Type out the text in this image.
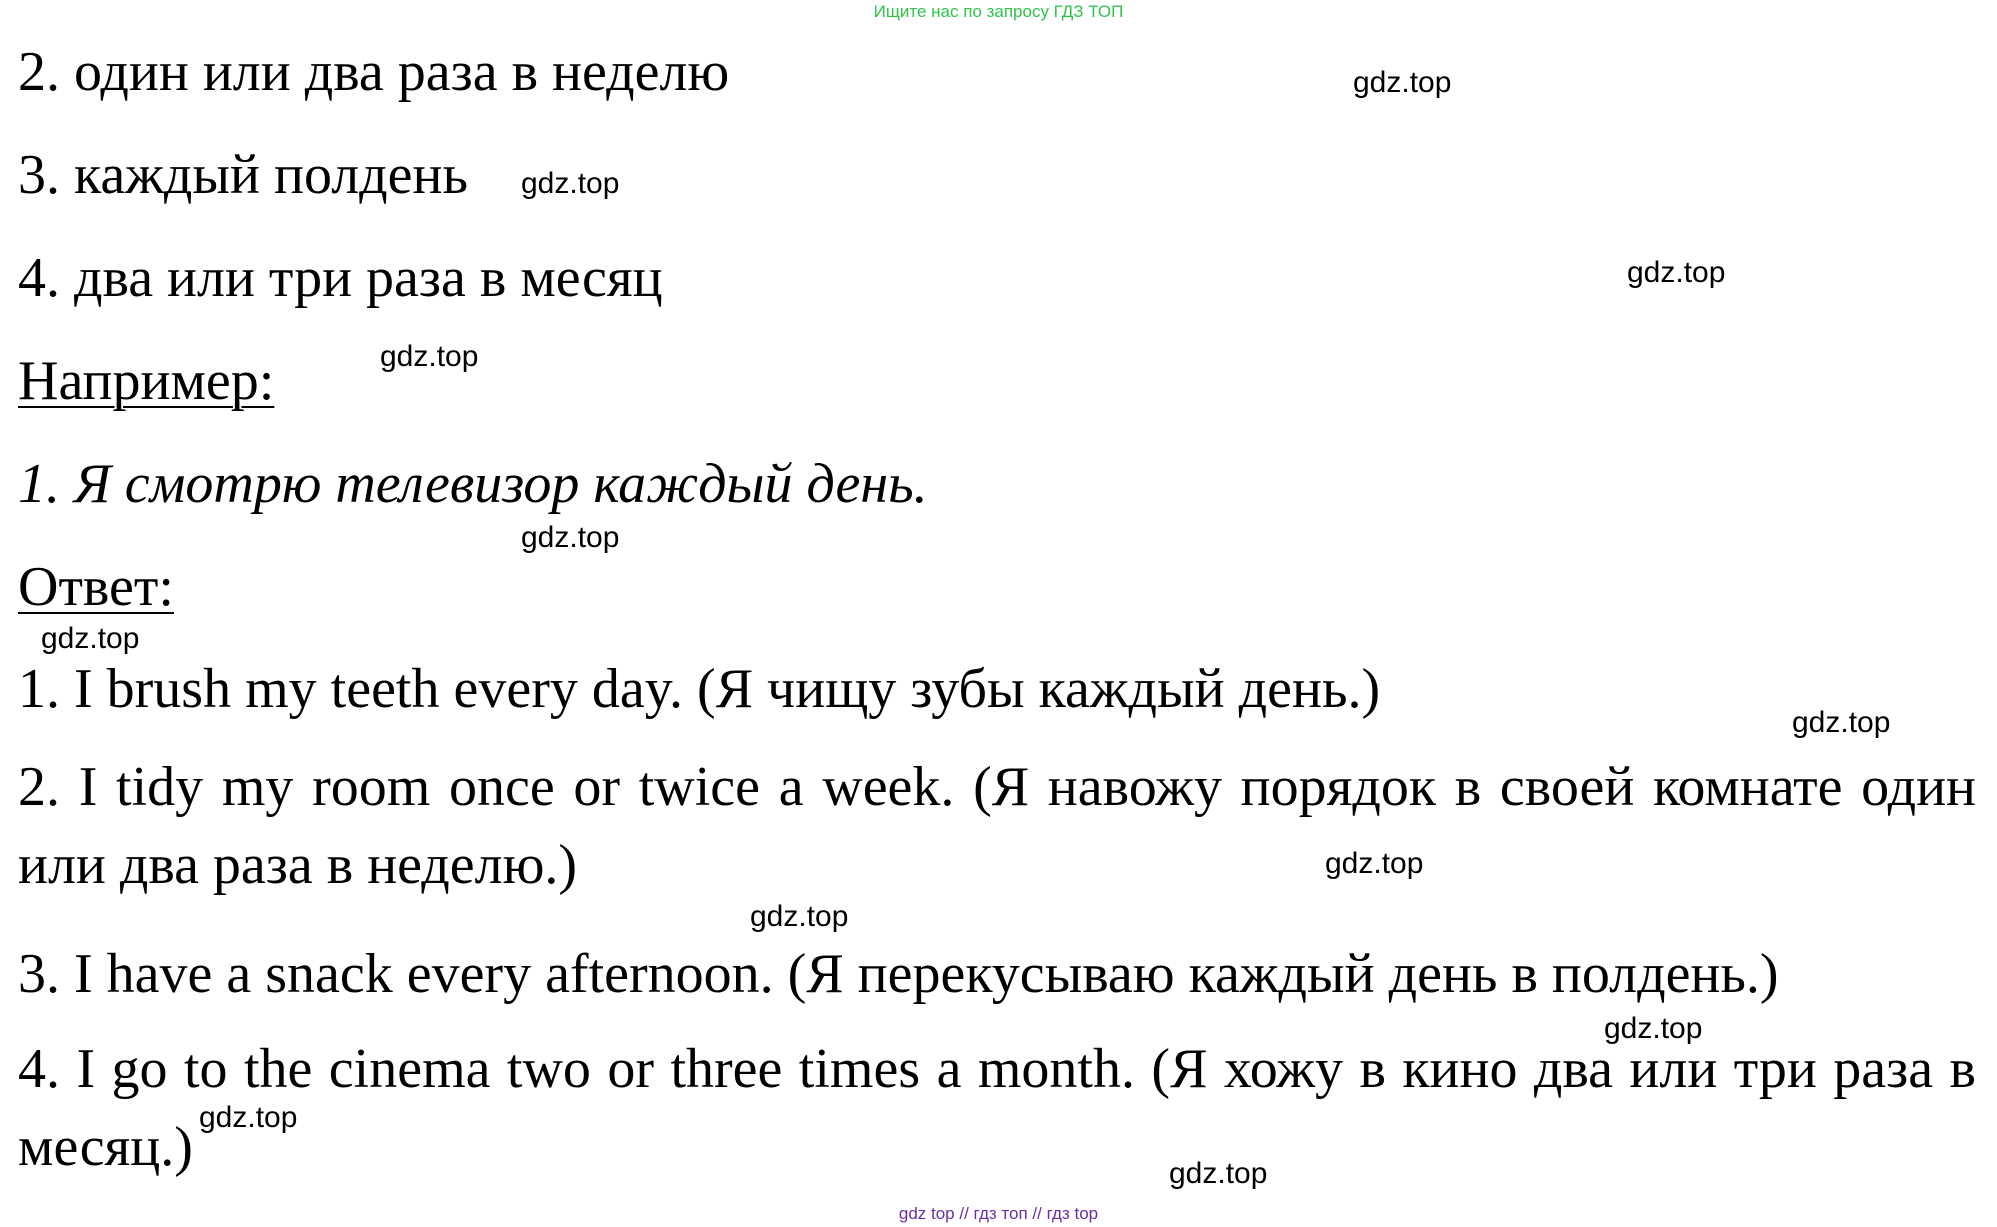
Ищите нас по запросу ГДЗ ТОП
2. один или два раза в неделю
3. каждый полдень
4. два или три раза в месяц
Например:
1. Я смотрю телевизор каждый день.
Ответ:
1. I brush my teeth every day. (Я чищу зубы каждый день.)
2. I tidy my room once or twice a week. (Я навожу порядок в своей комнате один или два раза в неделю.)
3. I have a snack every afternoon. (Я перекусываю каждый день в полдень.)
4. I go to the cinema two or three times a month. (Я хожу в кино два или три раза в месяц.)
gdz.top
gdz.top
gdz.top
gdz.top
gdz.top
gdz.top
gdz.top
gdz.top
gdz.top
gdz.top
gdz.top
gdz.top
gdz top // гдз топ // гдз top
